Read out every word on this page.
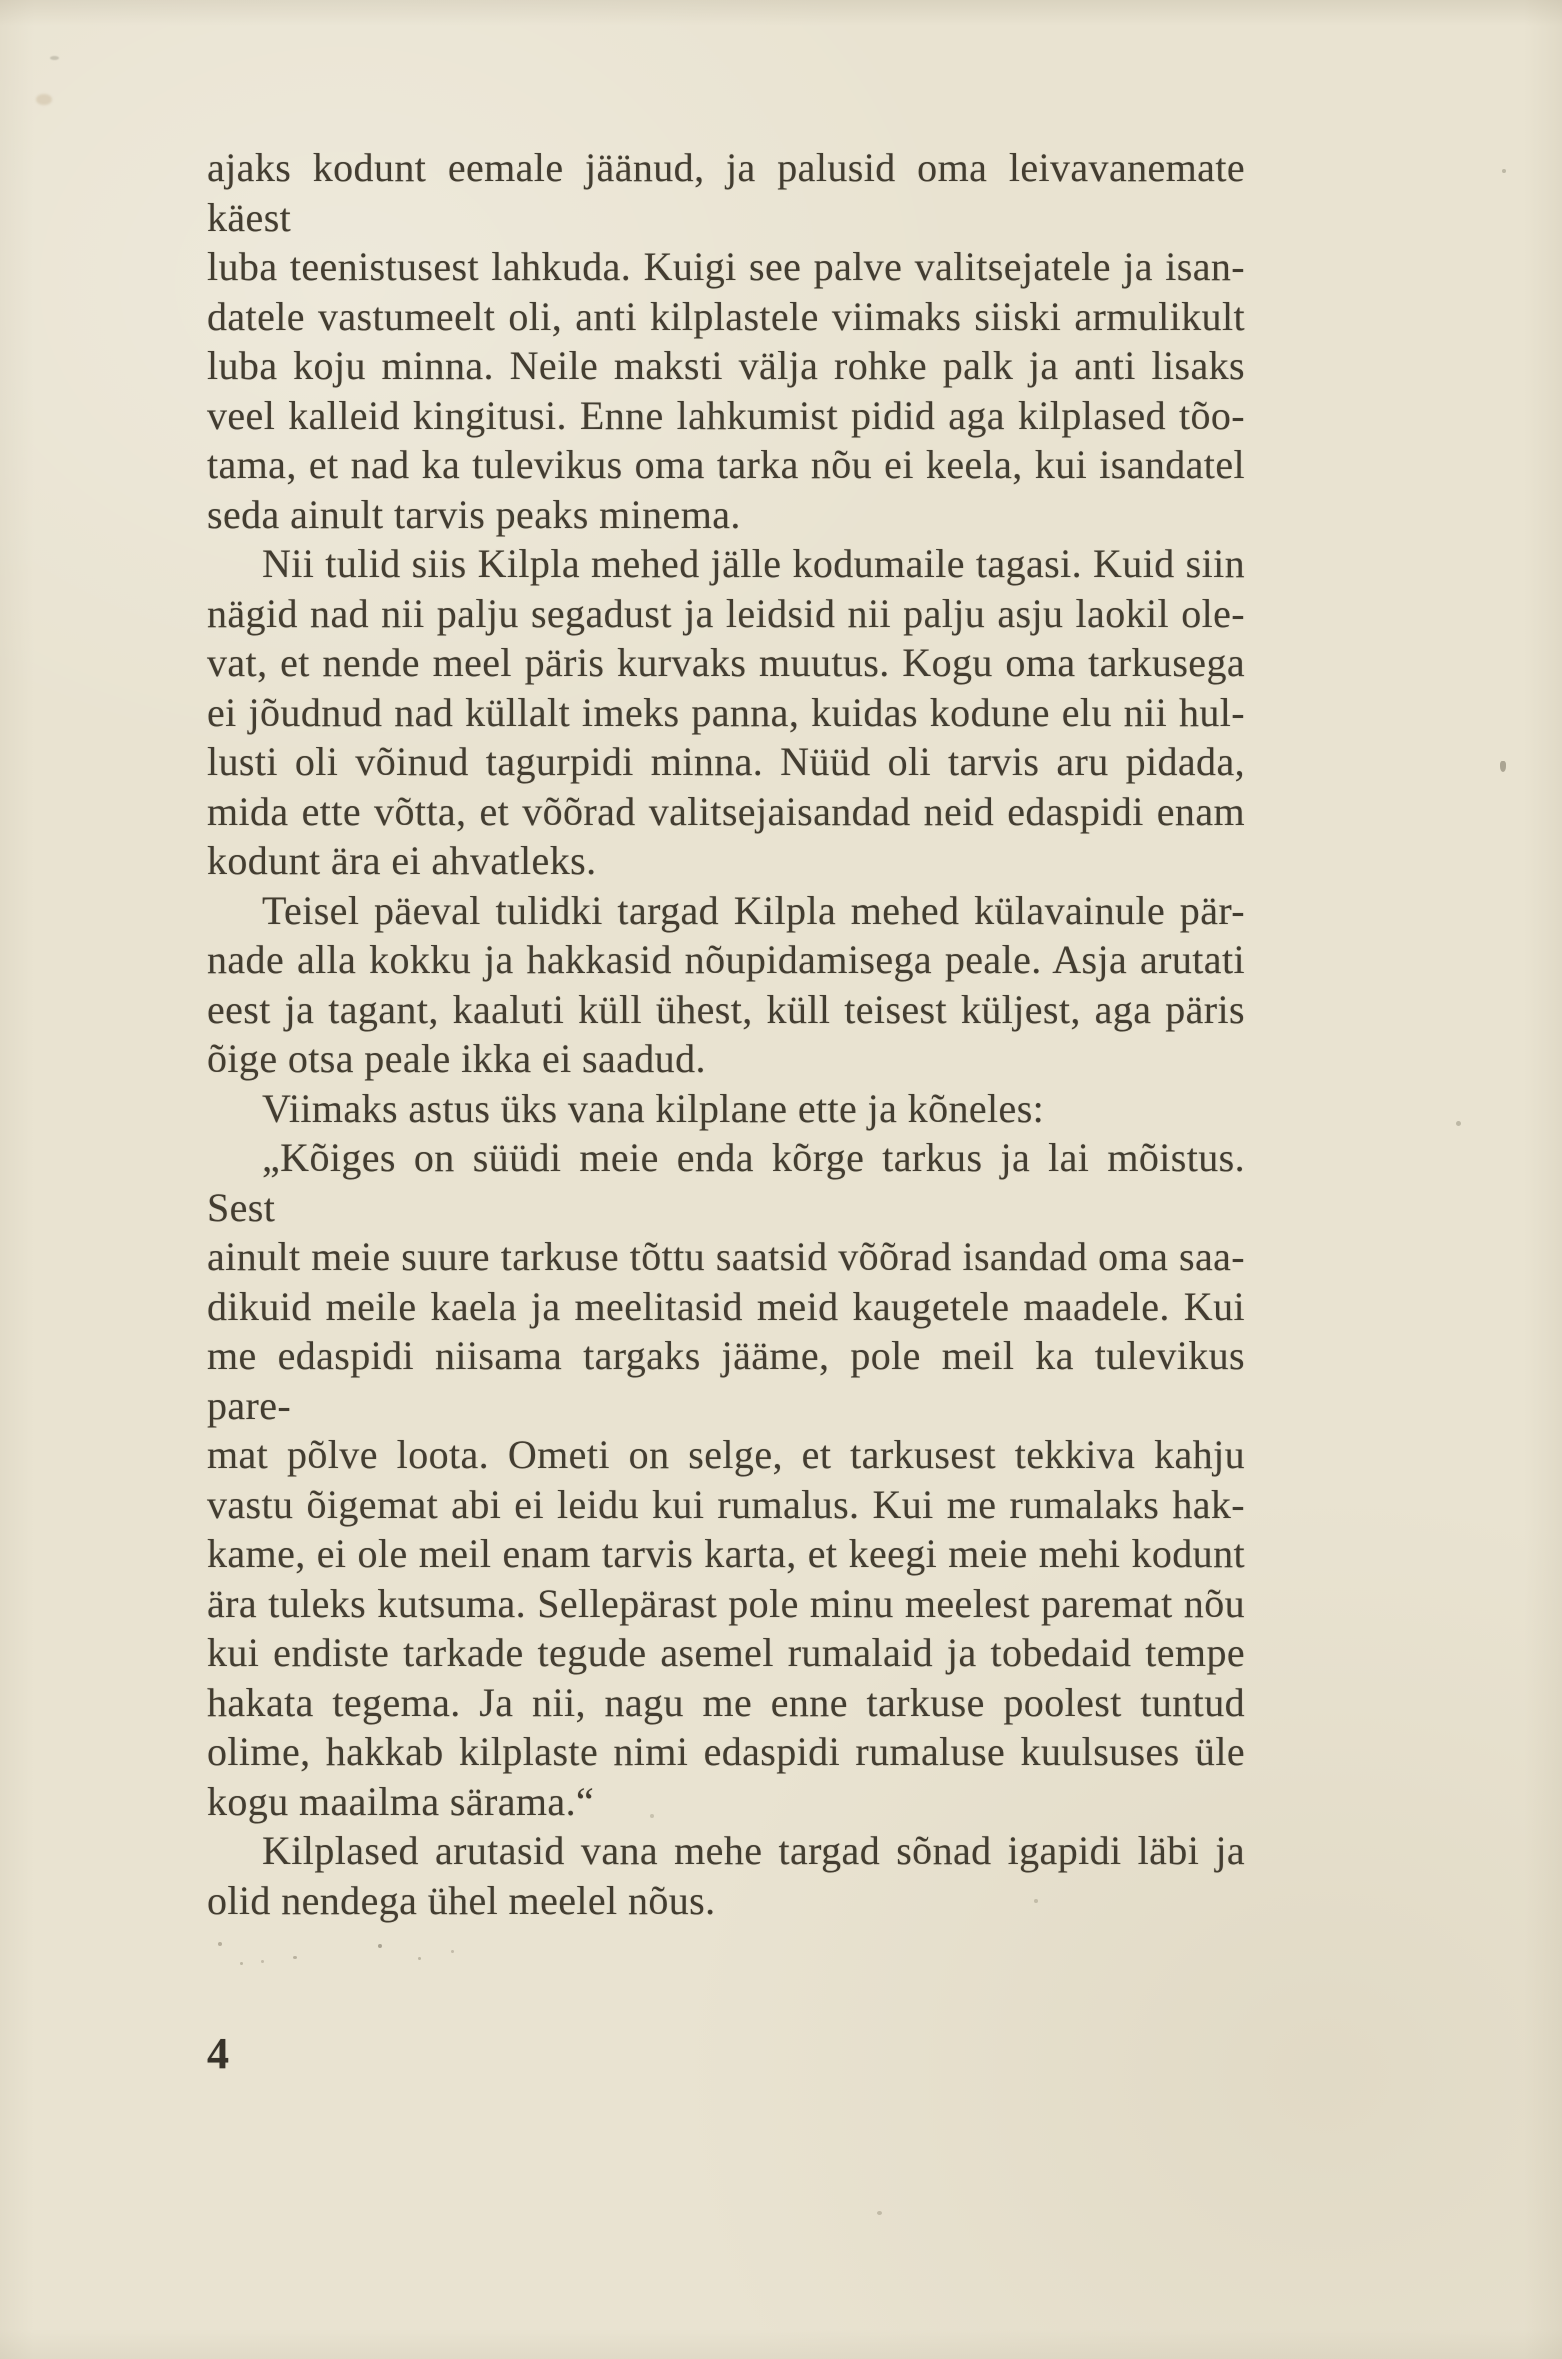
ajaks kodunt eemale jäänud, ja palusid oma leivavanemate käest
luba teenistusest lahkuda. Kuigi see palve valitsejatele ja isan-
datele vastumeelt oli, anti kilplastele viimaks siiski armulikult
luba koju minna. Neile maksti välja rohke palk ja anti lisaks
veel kalleid kingitusi. Enne lahkumist pidid aga kilplased tõo-
tama, et nad ka tulevikus oma tarka nõu ei keela, kui isandatel
seda ainult tarvis peaks minema.
Nii tulid siis Kilpla mehed jälle kodumaile tagasi. Kuid siin
nägid nad nii palju segadust ja leidsid nii palju asju laokil ole-
vat, et nende meel päris kurvaks muutus. Kogu oma tarkusega
ei jõudnud nad küllalt imeks panna, kuidas kodune elu nii hul-
lusti oli võinud tagurpidi minna. Nüüd oli tarvis aru pidada,
mida ette võtta, et võõrad valitsejaisandad neid edaspidi enam
kodunt ära ei ahvatleks.
Teisel päeval tulidki targad Kilpla mehed külavainule pär-
nade alla kokku ja hakkasid nõupidamisega peale. Asja arutati
eest ja tagant, kaaluti küll ühest, küll teisest küljest, aga päris
õige otsa peale ikka ei saadud.
Viimaks astus üks vana kilplane ette ja kõneles:
„Kõiges on süüdi meie enda kõrge tarkus ja lai mõistus. Sest
ainult meie suure tarkuse tõttu saatsid võõrad isandad oma saa-
dikuid meile kaela ja meelitasid meid kaugetele maadele. Kui
me edaspidi niisama targaks jääme, pole meil ka tulevikus pare-
mat põlve loota. Ometi on selge, et tarkusest tekkiva kahju
vastu õigemat abi ei leidu kui rumalus. Kui me rumalaks hak-
kame, ei ole meil enam tarvis karta, et keegi meie mehi kodunt
ära tuleks kutsuma. Sellepärast pole minu meelest paremat nõu
kui endiste tarkade tegude asemel rumalaid ja tobedaid tempe
hakata tegema. Ja nii, nagu me enne tarkuse poolest tuntud
olime, hakkab kilplaste nimi edaspidi rumaluse kuulsuses üle
kogu maailma särama.“
Kilplased arutasid vana mehe targad sõnad igapidi läbi ja
olid nendega ühel meelel nõus.
4
